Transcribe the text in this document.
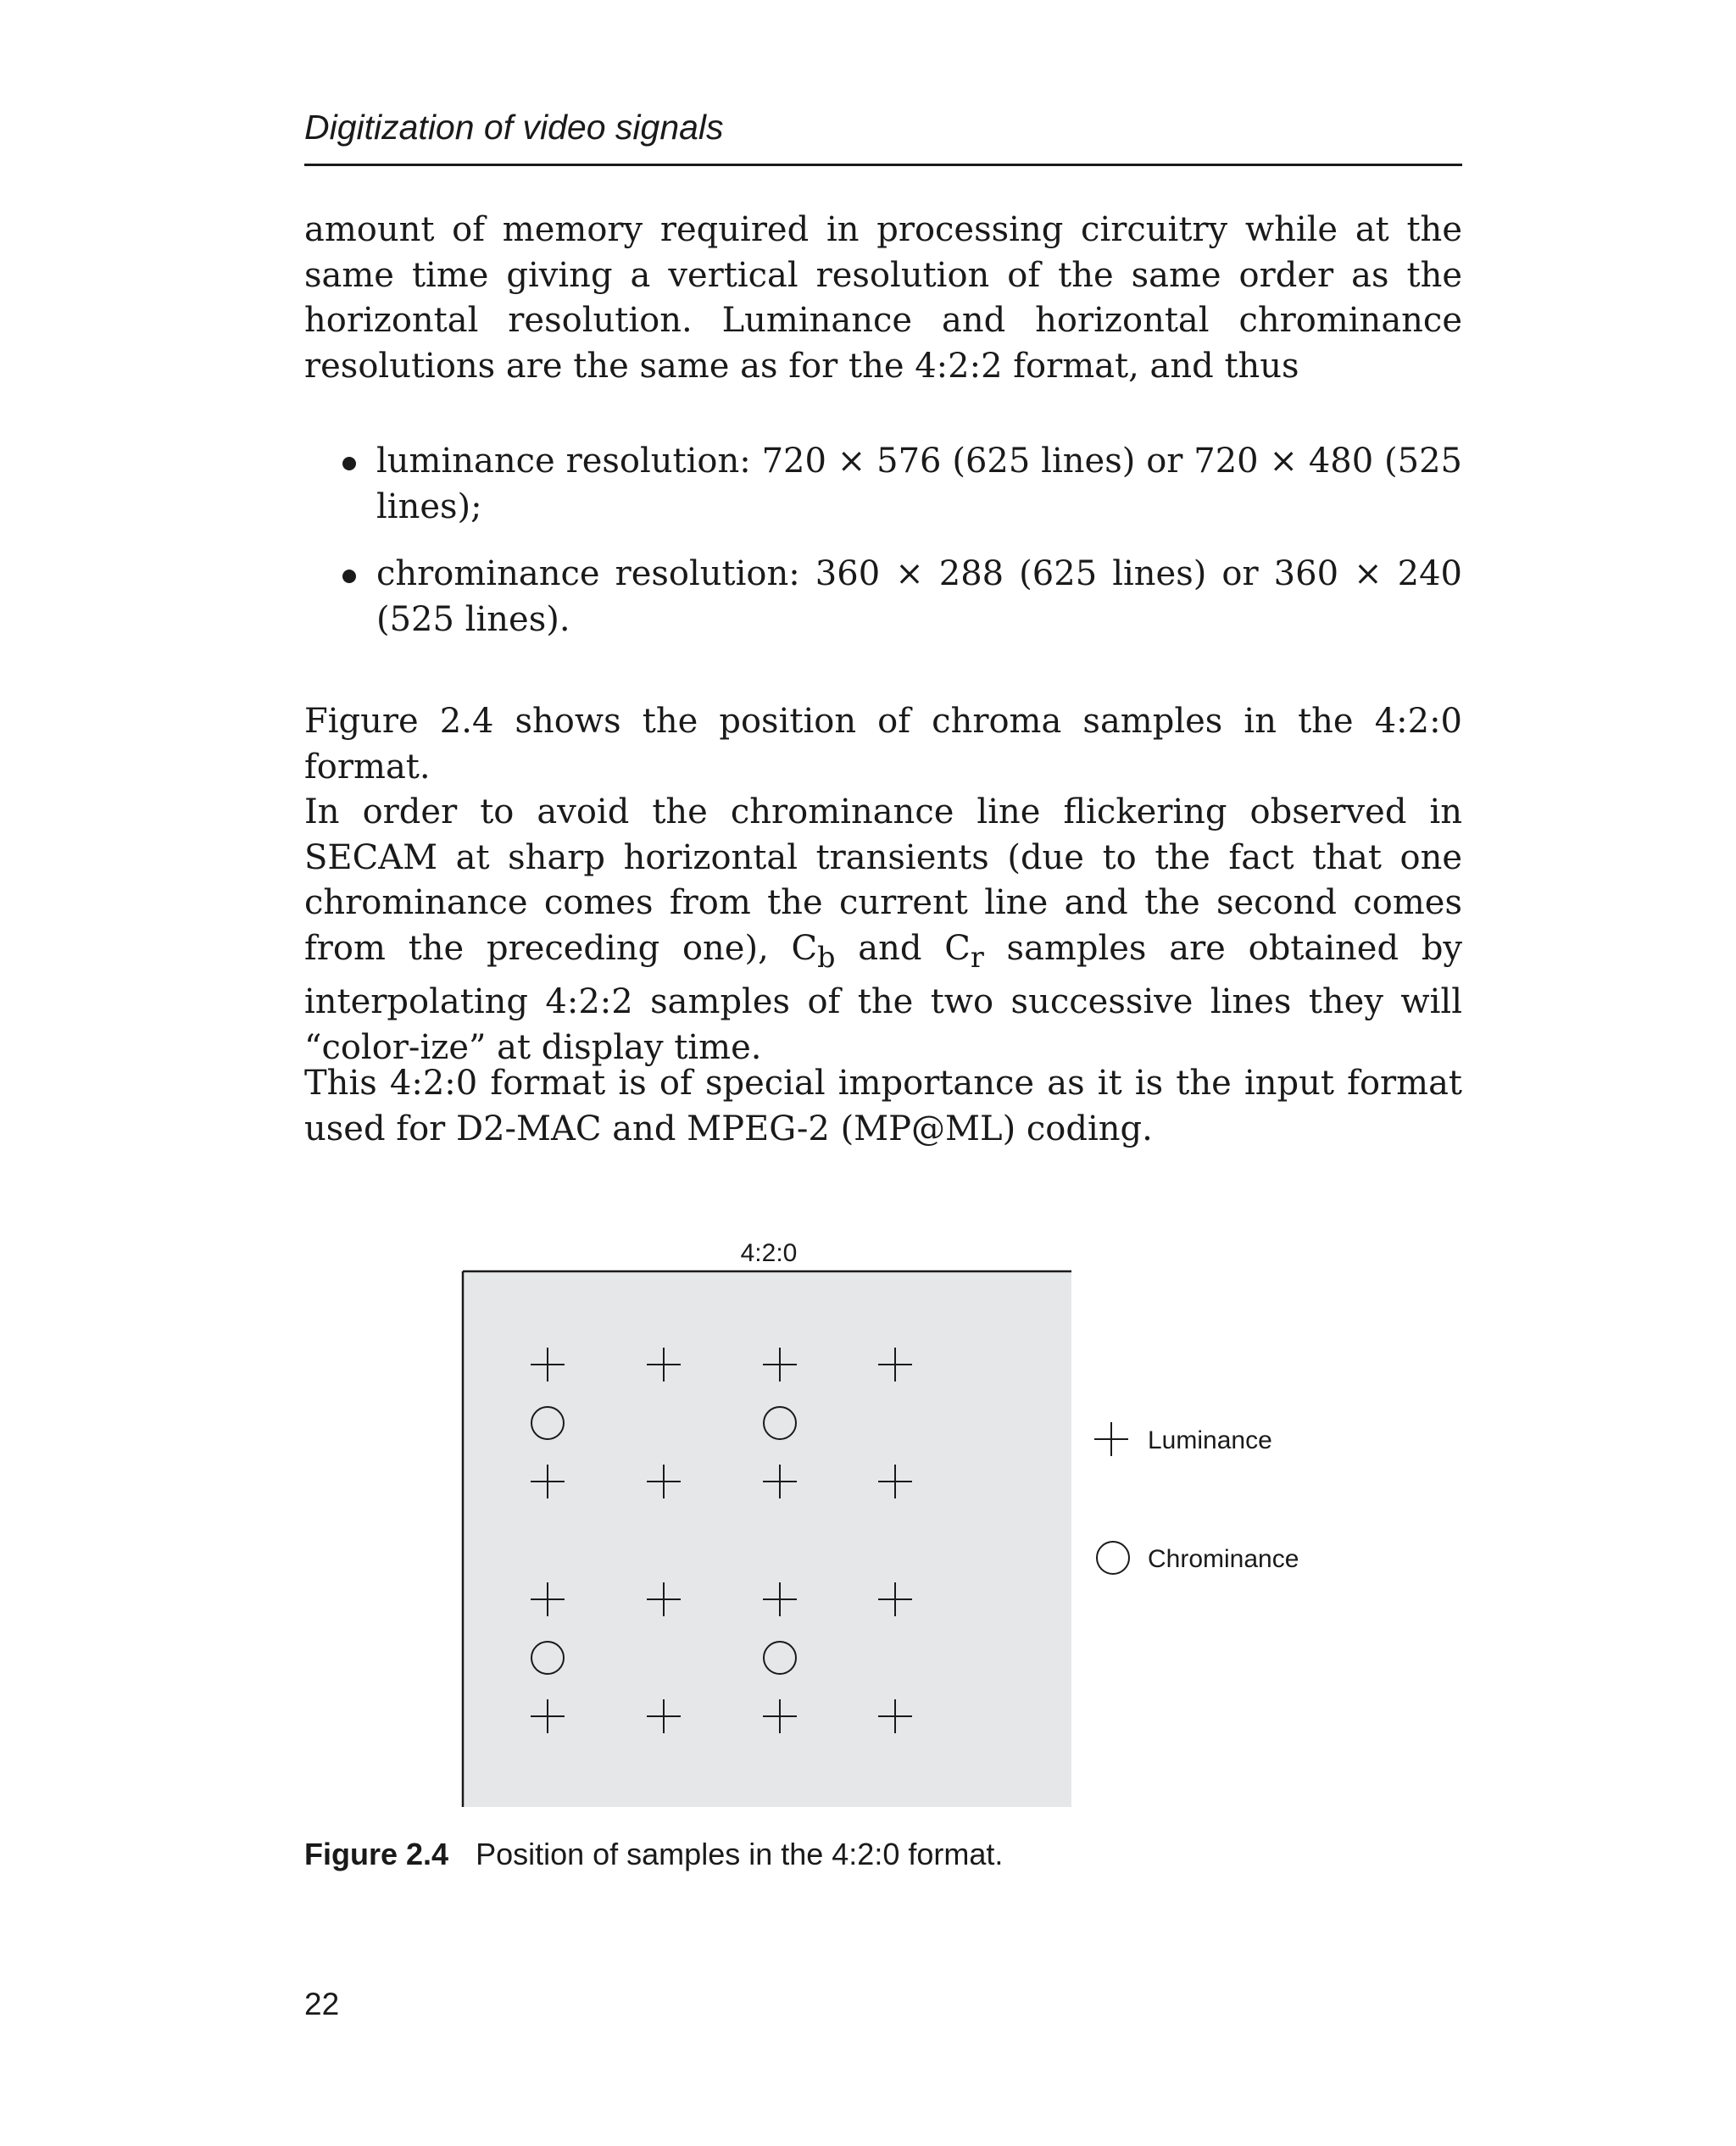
Digitization of video signals

amount of memory required in processing circuitry while at the same time giving a vertical resolution of the same order as the horizontal resolution. Luminance and horizontal chrominance resolutions are the same as for the 4:2:2 format, and thus

luminance resolution: 720 × 576 (625 lines) or 720 × 480 (525 lines);
chrominance resolution: 360 × 288 (625 lines) or 360 × 240 (525 lines).

Figure 2.4 shows the position of chroma samples in the 4:2:0 format.

In order to avoid the chrominance line flickering observed in SECAM at sharp horizontal transients (due to the fact that one chrominance comes from the current line and the second comes from the preceding one), $C_b$ and $C_r$ samples are obtained by interpolating 4:2:2 samples of the two successive lines they will “color-ize” at display time.

This 4:2:0 format is of special importance as it is the input format used for D2-MAC and MPEG-2 (MP@ML) coding.

4:2:0
Luminance
Chrominance
Figure 2.4 Position of samples in the 4:2:0 format.
22
